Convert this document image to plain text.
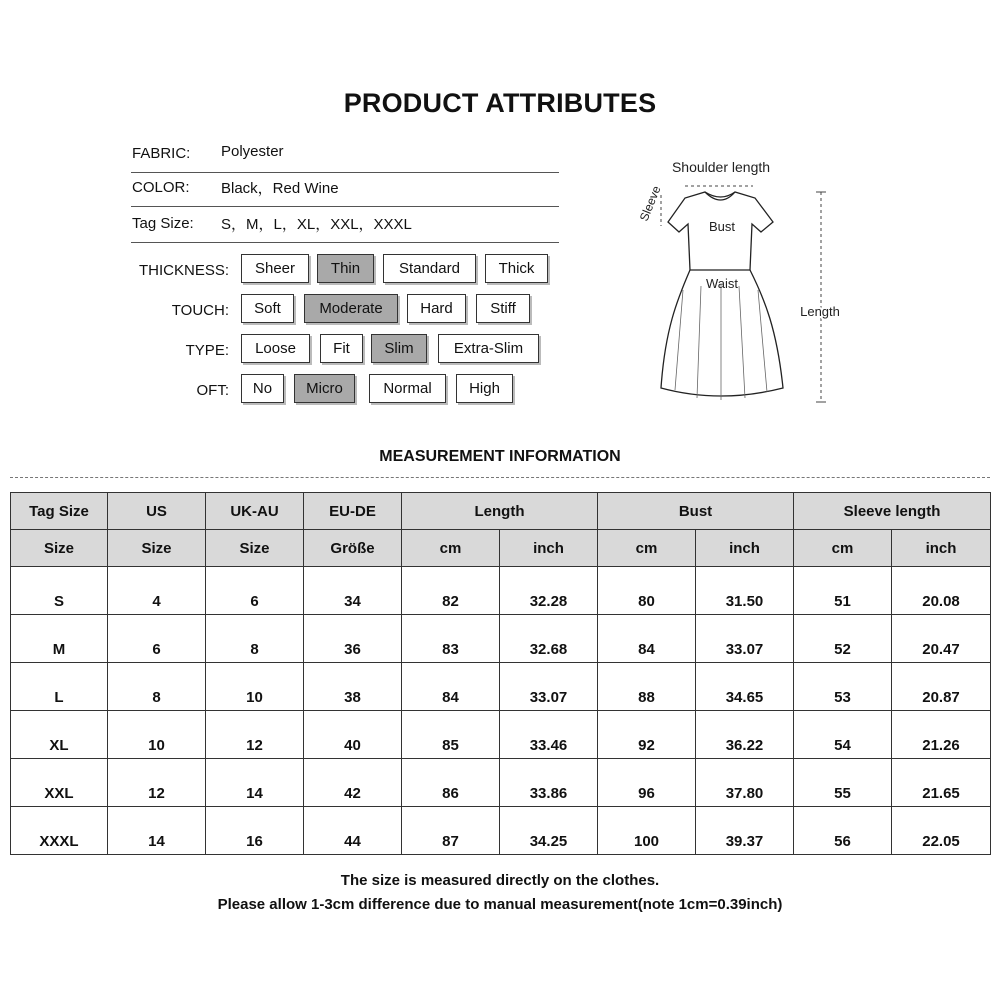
PRODUCT ATTRIBUTES
FABRIC: Polyester
COLOR: Black，Red Wine
Tag Size: S，M，L，XL，XXL，XXXL
THICKNESS:	Sheer	Thin	Standard	Thick
TOUCH:	Soft	Moderate	Hard	Stiff
TYPE:	Loose	Fit	Slim	Extra-Slim
OFT:	No	Micro	Normal	High
Shoulder length
Sleeve
Bust
Waist
Length
MEASUREMENT INFORMATION
Tag Size	US	UK-AU	EU-DE	Length		Bust		Sleeve length	
Size	Size	Size	Größe	cm	inch	cm	inch	cm	inch
S	4	6	34	82	32.28	80	31.50	51	20.08
M	6	8	36	83	32.68	84	33.07	52	20.47
L	8	10	38	84	33.07	88	34.65	53	20.87
XL	10	12	40	85	33.46	92	36.22	54	21.26
XXL	12	14	42	86	33.86	96	37.80	55	21.65
XXXL	14	16	44	87	34.25	100	39.37	56	22.05
The size is measured directly on the clothes.
Please allow 1-3cm difference due to manual measurement(note 1cm=0.39inch)
